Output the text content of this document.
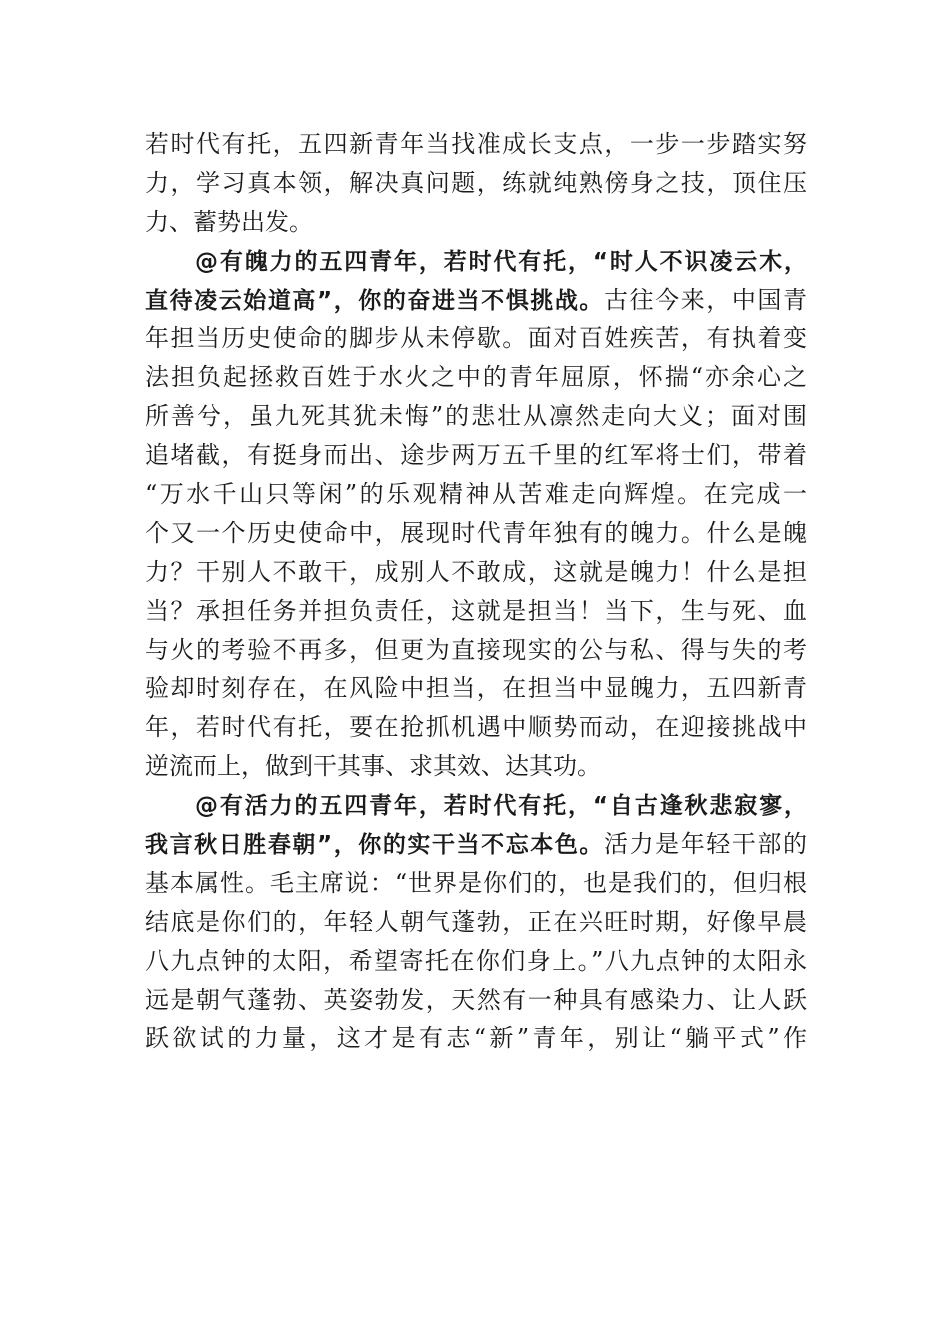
若时代有托，五四新青年当找准成长支点，一步一步踏实努
力，学习真本领，解决真问题，练就纯熟傍身之技，顶住压
力、蓄势出发。
@有魄力的五四青年，若时代有托，“时人不识凌云木，
直待凌云始道高”，你的奋进当不惧挑战。古往今来，中国青
年担当历史使命的脚步从未停歇。面对百姓疾苦，有执着变
法担负起拯救百姓于水火之中的青年屈原，怀揣“亦余心之
所善兮，虽九死其犹未悔”的悲壮从凛然走向大义；面对围
追堵截，有挺身而出、途步两万五千里的红军将士们，带着
“万水千山只等闲”的乐观精神从苦难走向辉煌。在完成一
个又一个历史使命中，展现时代青年独有的魄力。什么是魄
力？干别人不敢干，成别人不敢成，这就是魄力！什么是担
当？承担任务并担负责任，这就是担当！当下，生与死、血
与火的考验不再多，但更为直接现实的公与私、得与失的考
验却时刻存在，在风险中担当，在担当中显魄力，五四新青
年，若时代有托，要在抢抓机遇中顺势而动，在迎接挑战中
逆流而上，做到干其事、求其效、达其功。
@有活力的五四青年，若时代有托，“自古逢秋悲寂寥，
我言秋日胜春朝”，你的实干当不忘本色。活力是年轻干部的
基本属性。毛主席说：“世界是你们的，也是我们的，但归根
结底是你们的，年轻人朝气蓬勃，正在兴旺时期，好像早晨
八九点钟的太阳，希望寄托在你们身上。”八九点钟的太阳永
远是朝气蓬勃、英姿勃发，天然有一种具有感染力、让人跃
跃欲试的力量，这才是有志“新”青年，别让“躺平式”作
